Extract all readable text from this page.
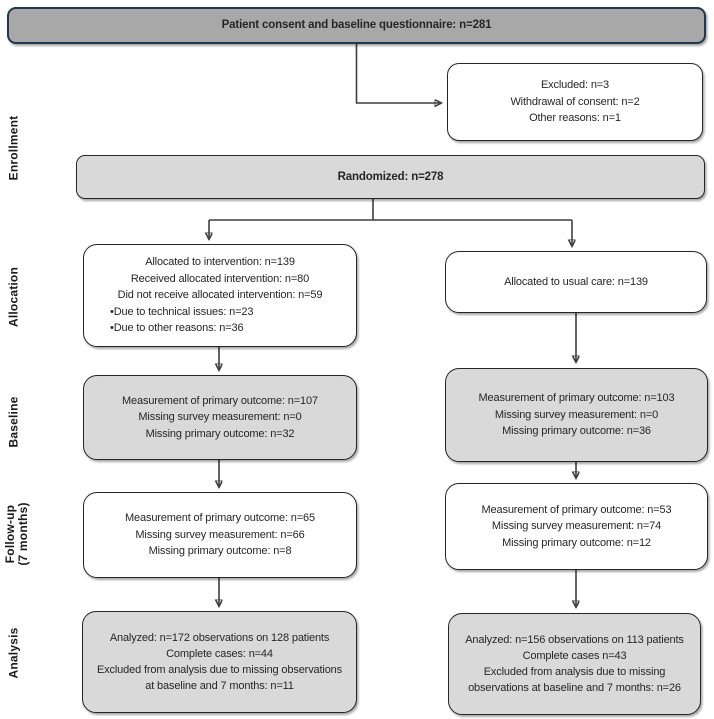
Enrollment
Allocation
Baseline
Follow-up (7 months)
Analysis
Patient consent and baseline questionnaire: n=281
Excluded: n=3
Withdrawal of consent: n=2
Other reasons: n=1
Randomized: n=278
Allocated to intervention: n=139
Received allocated intervention: n=80
Did not receive allocated intervention: n=59
•Due to technical issues: n=23
•Due to other reasons: n=36
Allocated to usual care: n=139
Measurement of primary outcome: n=107
Missing survey measurement: n=0
Missing primary outcome: n=32
Measurement of primary outcome: n=103
Missing survey measurement: n=0
Missing primary outcome: n=36
Measurement of primary outcome: n=65
Missing survey measurement: n=66
Missing primary outcome: n=8
Measurement of primary outcome: n=53
Missing survey measurement: n=74
Missing primary outcome: n=12
Analyzed: n=172 observations on 128 patients
Complete cases: n=44
Excluded from analysis due to missing observations
at baseline and 7 months: n=11
Analyzed: n=156 observations on 113 patients
Complete cases n=43
Excluded from analysis due to missing
observations at baseline and 7 months: n=26
